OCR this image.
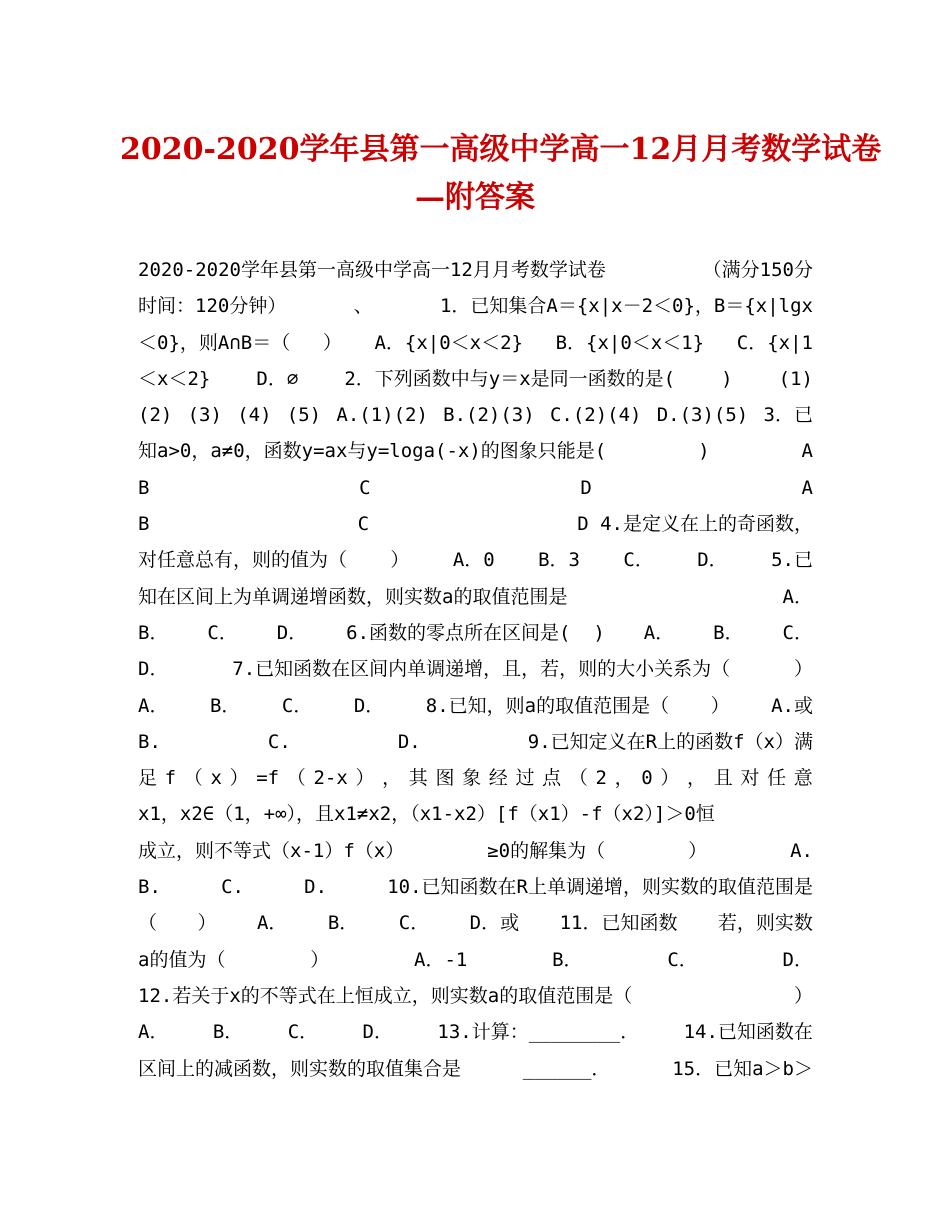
2020-2020学年县第一高级中学高一12月月考数学试卷
—附答案
2020-2020学年县第一高级中学高一12月月考数学试卷	（满分150分
时间：120分钟）	、	1．已知集合A＝{x|x－2＜0}，B＝{x|lgx
＜0}，则A∩B＝（ ） A．{x|0＜x＜2} B．{x|0＜x＜1} C．{x|1
＜x＜2} D．∅ 2．下列函数中与y＝x是同一函数的是( ) (1)
(2) (3) (4) (5) A.(1)(2) B.(2)(3) C.(2)(4) D.(3)(5) 3．已
知a>0，a≠0，函数y=ax与y=loga(-x)的图象只能是(	)	A
B	C	D	A
B	C	D 4.是定义在上的奇函数，
对任意总有，则的值为（ ） A．0 B．3 C． D． 5.已
知在区间上为单调递增函数，则实数a的取值范围是	A．
B． C． D． 6.函数的零点所在区间是(  ) A． B． C．
D．	7.已知函数在区间内单调递增，且，若，则的大小关系为（	）
A． B． C． D． 8.已知，则a的取值范围是（ ） A.或
B.	C.	D.	9.已知定义在R上的函数f（x）满
足 f （ x ） =f （ 2-x ） ， 其 图 象 经 过 点 （ 2 ， 0 ） ， 且 对 任 意
x1，x2∈（1，+∞），且x1≠x2，（x1-x2）[f（x1）-f（x2）]＞0恒
成立，则不等式（x-1）f（x）	≥0的解集为（	）	A.
B.	C.	D.	10.已知函数在R上单调递增，则实数的取值范围是
（ ） A． B． C． D．或 11．已知函数 若，则实数
a的值为（	）	A．-1	B．	C．	D．
12.若关于x的不等式在上恒成立，则实数a的取值范围是（	）
A． B． C． D． 13.计算：________． 14.已知函数在
区间上的减函数，则实数的取值集合是	______．	15．已知a＞b＞
